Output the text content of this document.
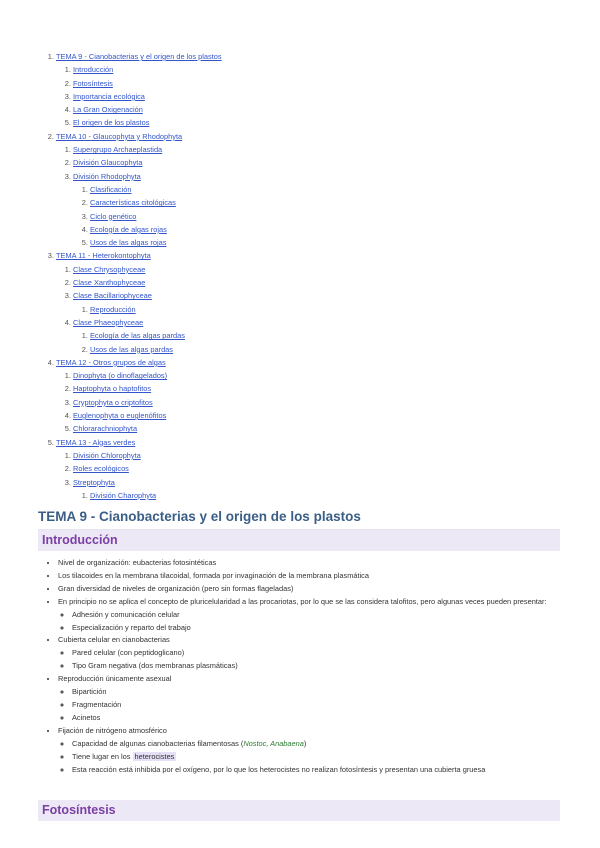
1. TEMA 9 - Cianobacterias y el origen de los plastos
1. Introducción
2. Fotosíntesis
3. Importancia ecológica
4. La Gran Oxigenación
5. El origen de los plastos
2. TEMA 10 - Glaucophyta y Rhodophyta
1. Supergrupo Archaeplastida
2. División Glaucophyta
3. División Rhodophyta
1. Clasificación
2. Características citológicas
3. Ciclo genético
4. Ecología de algas rojas
5. Usos de las algas rojas
3. TEMA 11 - Heterokontophyta
1. Clase Chrysophyceae
2. Clase Xanthophyceae
3. Clase Bacillariophyceae
1. Reproducción
4. Clase Phaeophyceae
1. Ecología de las algas pardas
2. Usos de las algas pardas
4. TEMA 12 - Otros grupos de algas
1. Dinophyta (o dinoflagelados)
2. Haptophyta o haptofitos
3. Cryptophyta o criptofitos
4. Euglenophyta o euglenófitos
5. Chlorarachniophyta
5. TEMA 13 - Algas verdes
1. División Chlorophyta
2. Roles ecológicos
3. Streptophyta
1. División Charophyta
TEMA 9 - Cianobacterias y el origen de los plastos
Introducción
• Nivel de organización: eubacterias fotosintéticas
• Los tilacoides en la membrana tilacoidal, formada por invaginación de la membrana plasmática
• Gran diversidad de niveles de organización (pero sin formas flageladas)
• En principio no se aplica el concepto de pluricelularidad a las procariotas, por lo que se las considera talofitos, pero algunas veces pueden presentar:
◦ Adhesión y comunicación celular
◦ Especialización y reparto del trabajo
• Cubierta celular en cianobacterias
◦ Pared celular (con peptidoglicano)
◦ Tipo Gram negativa (dos membranas plasmáticas)
• Reproducción únicamente asexual
◦ Bipartición
◦ Fragmentación
◦ Acinetos
• Fijación de nitrógeno atmosférico
◦ Capacidad de algunas cianobacterias filamentosas (Nostoc, Anabaena)
◦ Tiene lugar en los heterocistes
◦ Esta reacción está inhibida por el oxígeno, por lo que los heterocistes no realizan fotosíntesis y presentan una cubierta gruesa
Fotosíntesis
